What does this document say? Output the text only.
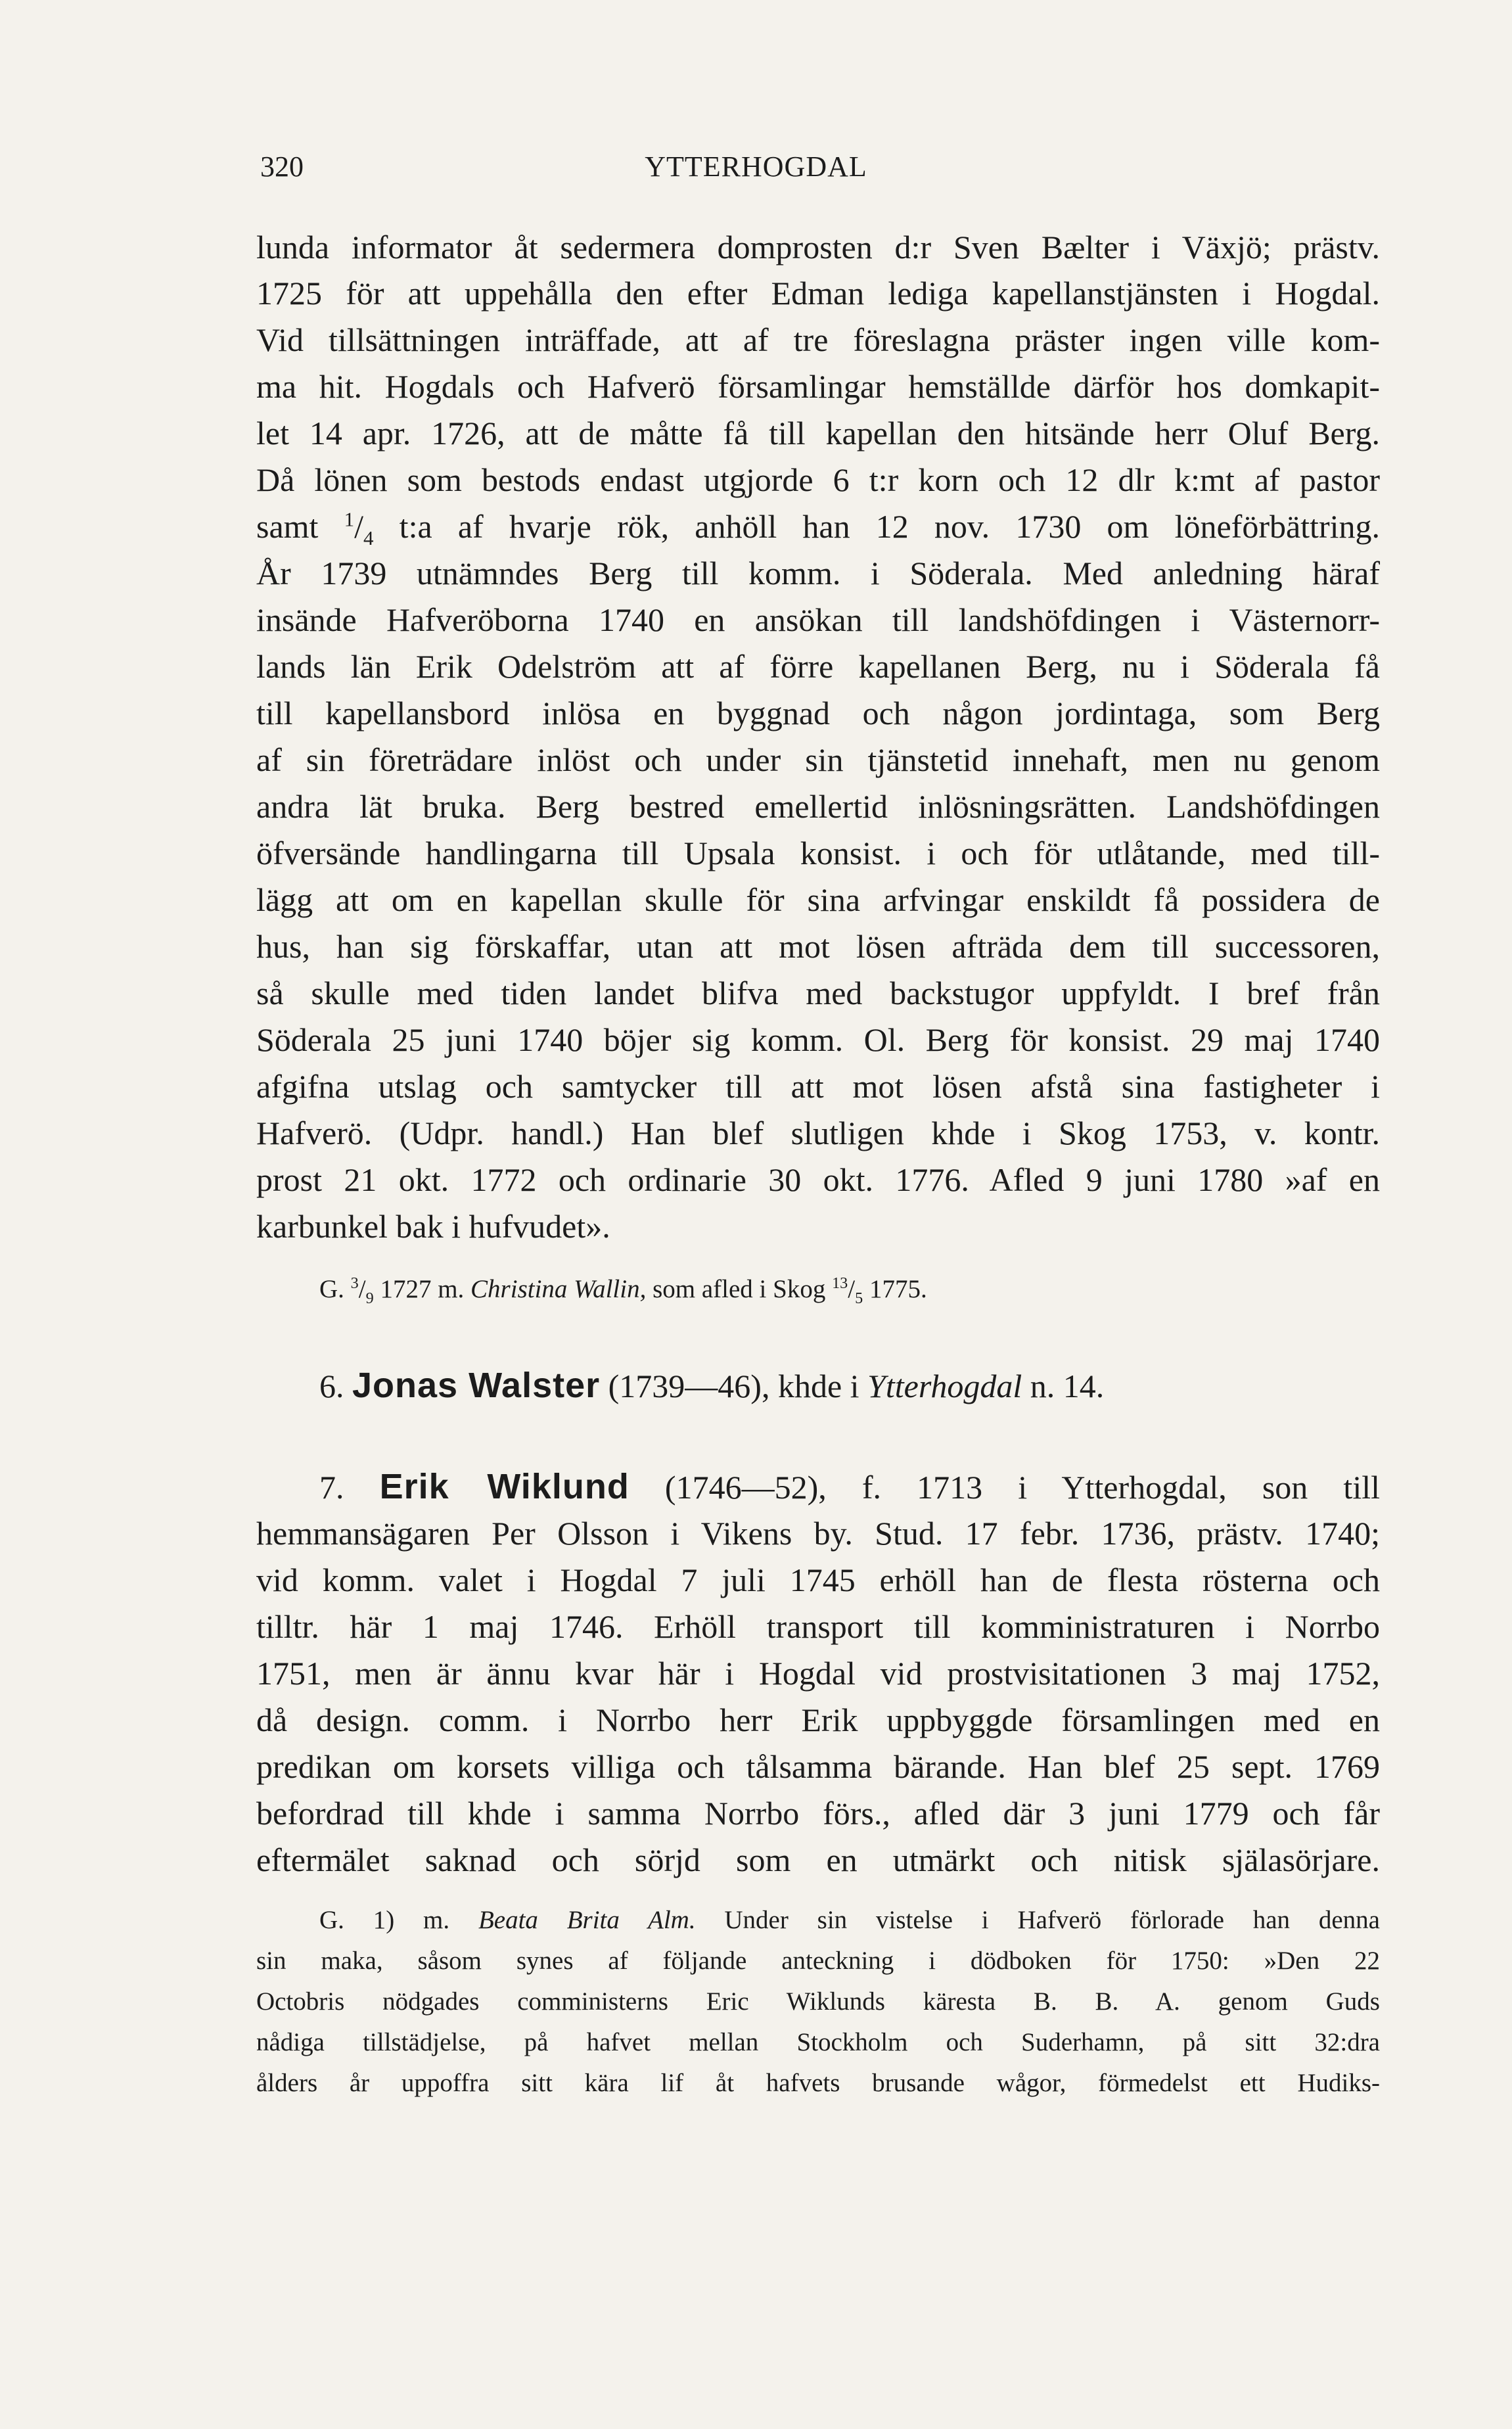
320	YTTERHOGDAL
lunda informator åt sedermera domprosten d:r Sven Bælter i Växjö; prästv.
1725 för att uppehålla den efter Edman lediga kapellanstjänsten i Hogdal.
Vid tillsättningen inträffade, att af tre föreslagna präster ingen ville kom-
ma hit. Hogdals och Hafverö församlingar hemställde därför hos domkapit-
let 14 apr. 1726, att de måtte få till kapellan den hitsände herr Oluf Berg.
Då lönen som bestods endast utgjorde 6 t:r korn och 12 dlr k:mt af pastor
samt $^1/_4$ t:a af hvarje rök, anhöll han 12 nov. 1730 om löneförbättring.
År 1739 utnämndes Berg till komm. i Söderala. Med anledning häraf
insände Hafveröborna 1740 en ansökan till landshöfdingen i Västernorr-
lands län Erik Odelström att af förre kapellanen Berg, nu i Söderala få
till kapellansbord inlösa en byggnad och någon jordintaga, som Berg
af sin företrädare inlöst och under sin tjänstetid innehaft, men nu genom
andra lät bruka. Berg bestred emellertid inlösningsrätten. Landshöfdingen
öfversände handlingarna till Upsala konsist. i och för utlåtande, med till-
lägg att om en kapellan skulle för sina arfvingar enskildt få possidera de
hus, han sig förskaffar, utan att mot lösen afträda dem till successoren,
så skulle med tiden landet blifva med backstugor uppfyldt. I bref från
Söderala 25 juni 1740 böjer sig komm. Ol. Berg för konsist. 29 maj 1740
afgifna utslag och samtycker till att mot lösen afstå sina fastigheter i
Hafverö. (Udpr. handl.) Han blef slutligen khde i Skog 1753, v. kontr.
prost 21 okt. 1772 och ordinarie 30 okt. 1776. Afled 9 juni 1780 »af en
karbunkel bak i hufvudet».
G. $^3/_9$ 1727 m. Christina Wallin, som afled i Skog $^{13}/_5$ 1775.
6. Jonas Walster (1739—46), khde i Ytterhogdal n. 14.
7. Erik Wiklund (1746—52), f. 1713 i Ytterhogdal, son till
hemmansägaren Per Olsson i Vikens by. Stud. 17 febr. 1736, prästv. 1740;
vid komm. valet i Hogdal 7 juli 1745 erhöll han de flesta rösterna och
tilltr. här 1 maj 1746. Erhöll transport till komministraturen i Norrbo
1751, men är ännu kvar här i Hogdal vid prostvisitationen 3 maj 1752,
då design. comm. i Norrbo herr Erik uppbyggde församlingen med en
predikan om korsets villiga och tålsamma bärande. Han blef 25 sept. 1769
befordrad till khde i samma Norrbo förs., afled där 3 juni 1779 och får
eftermälet saknad och sörjd som en utmärkt och nitisk själasörjare.
G. 1) m. Beata Brita Alm. Under sin vistelse i Hafverö förlorade han denna
sin maka, såsom synes af följande anteckning i dödboken för 1750: »Den 22
Octobris nödgades comministerns Eric Wiklunds käresta B. B. A. genom Guds
nådiga tillstädjelse, på hafvet mellan Stockholm och Suderhamn, på sitt 32:dra
ålders år uppoffra sitt kära lif åt hafvets brusande wågor, förmedelst ett Hudiks-
